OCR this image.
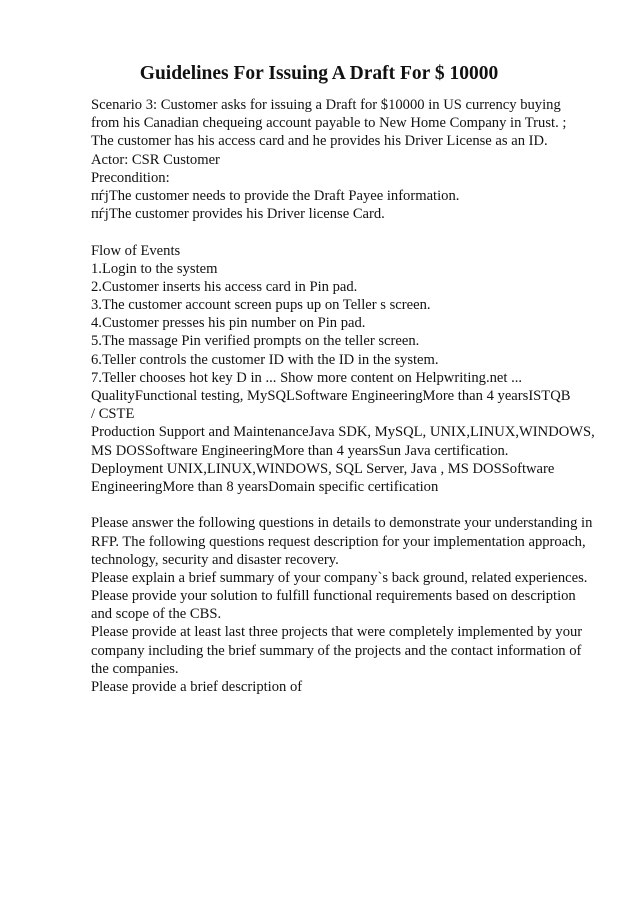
Guidelines For Issuing A Draft For $ 10000
Scenario 3: Customer asks for issuing a Draft for $10000 in US currency buying
from his Canadian chequeing account payable to New Home Company in Trust. ;
The customer has his access card and he provides his Driver License as an ID.
Actor: CSR Customer
Precondition:
пѓјThe customer needs to provide the Draft Payee information.
пѓјThe customer provides his Driver license Card.
Flow of Events
1.Login to the system
2.Customer inserts his access card in Pin pad.
3.The customer account screen pups up on Teller s screen.
4.Customer presses his pin number on Pin pad.
5.The massage Pin verified prompts on the teller screen.
6.Teller controls the customer ID with the ID in the system.
7.Teller chooses hot key D in ... Show more content on Helpwriting.net ...
QualityFunctional testing, MySQLSoftware EngineeringMore than 4 yearsISTQB
/ CSTE
Production Support and MaintenanceJava SDK, MySQL, UNIX,LINUX,WINDOWS,
MS DOSSoftware EngineeringMore than 4 yearsSun Java certification.
Deployment UNIX,LINUX,WINDOWS, SQL Server, Java , MS DOSSoftware
EngineeringMore than 8 yearsDomain specific certification
Please answer the following questions in details to demonstrate your understanding in
RFP. The following questions request description for your implementation approach,
technology, security and disaster recovery.
Please explain a brief summary of your company`s back ground, related experiences.
Please provide your solution to fulfill functional requirements based on description
and scope of the CBS.
Please provide at least last three projects that were completely implemented by your
company including the brief summary of the projects and the contact information of
the companies.
Please provide a brief description of
